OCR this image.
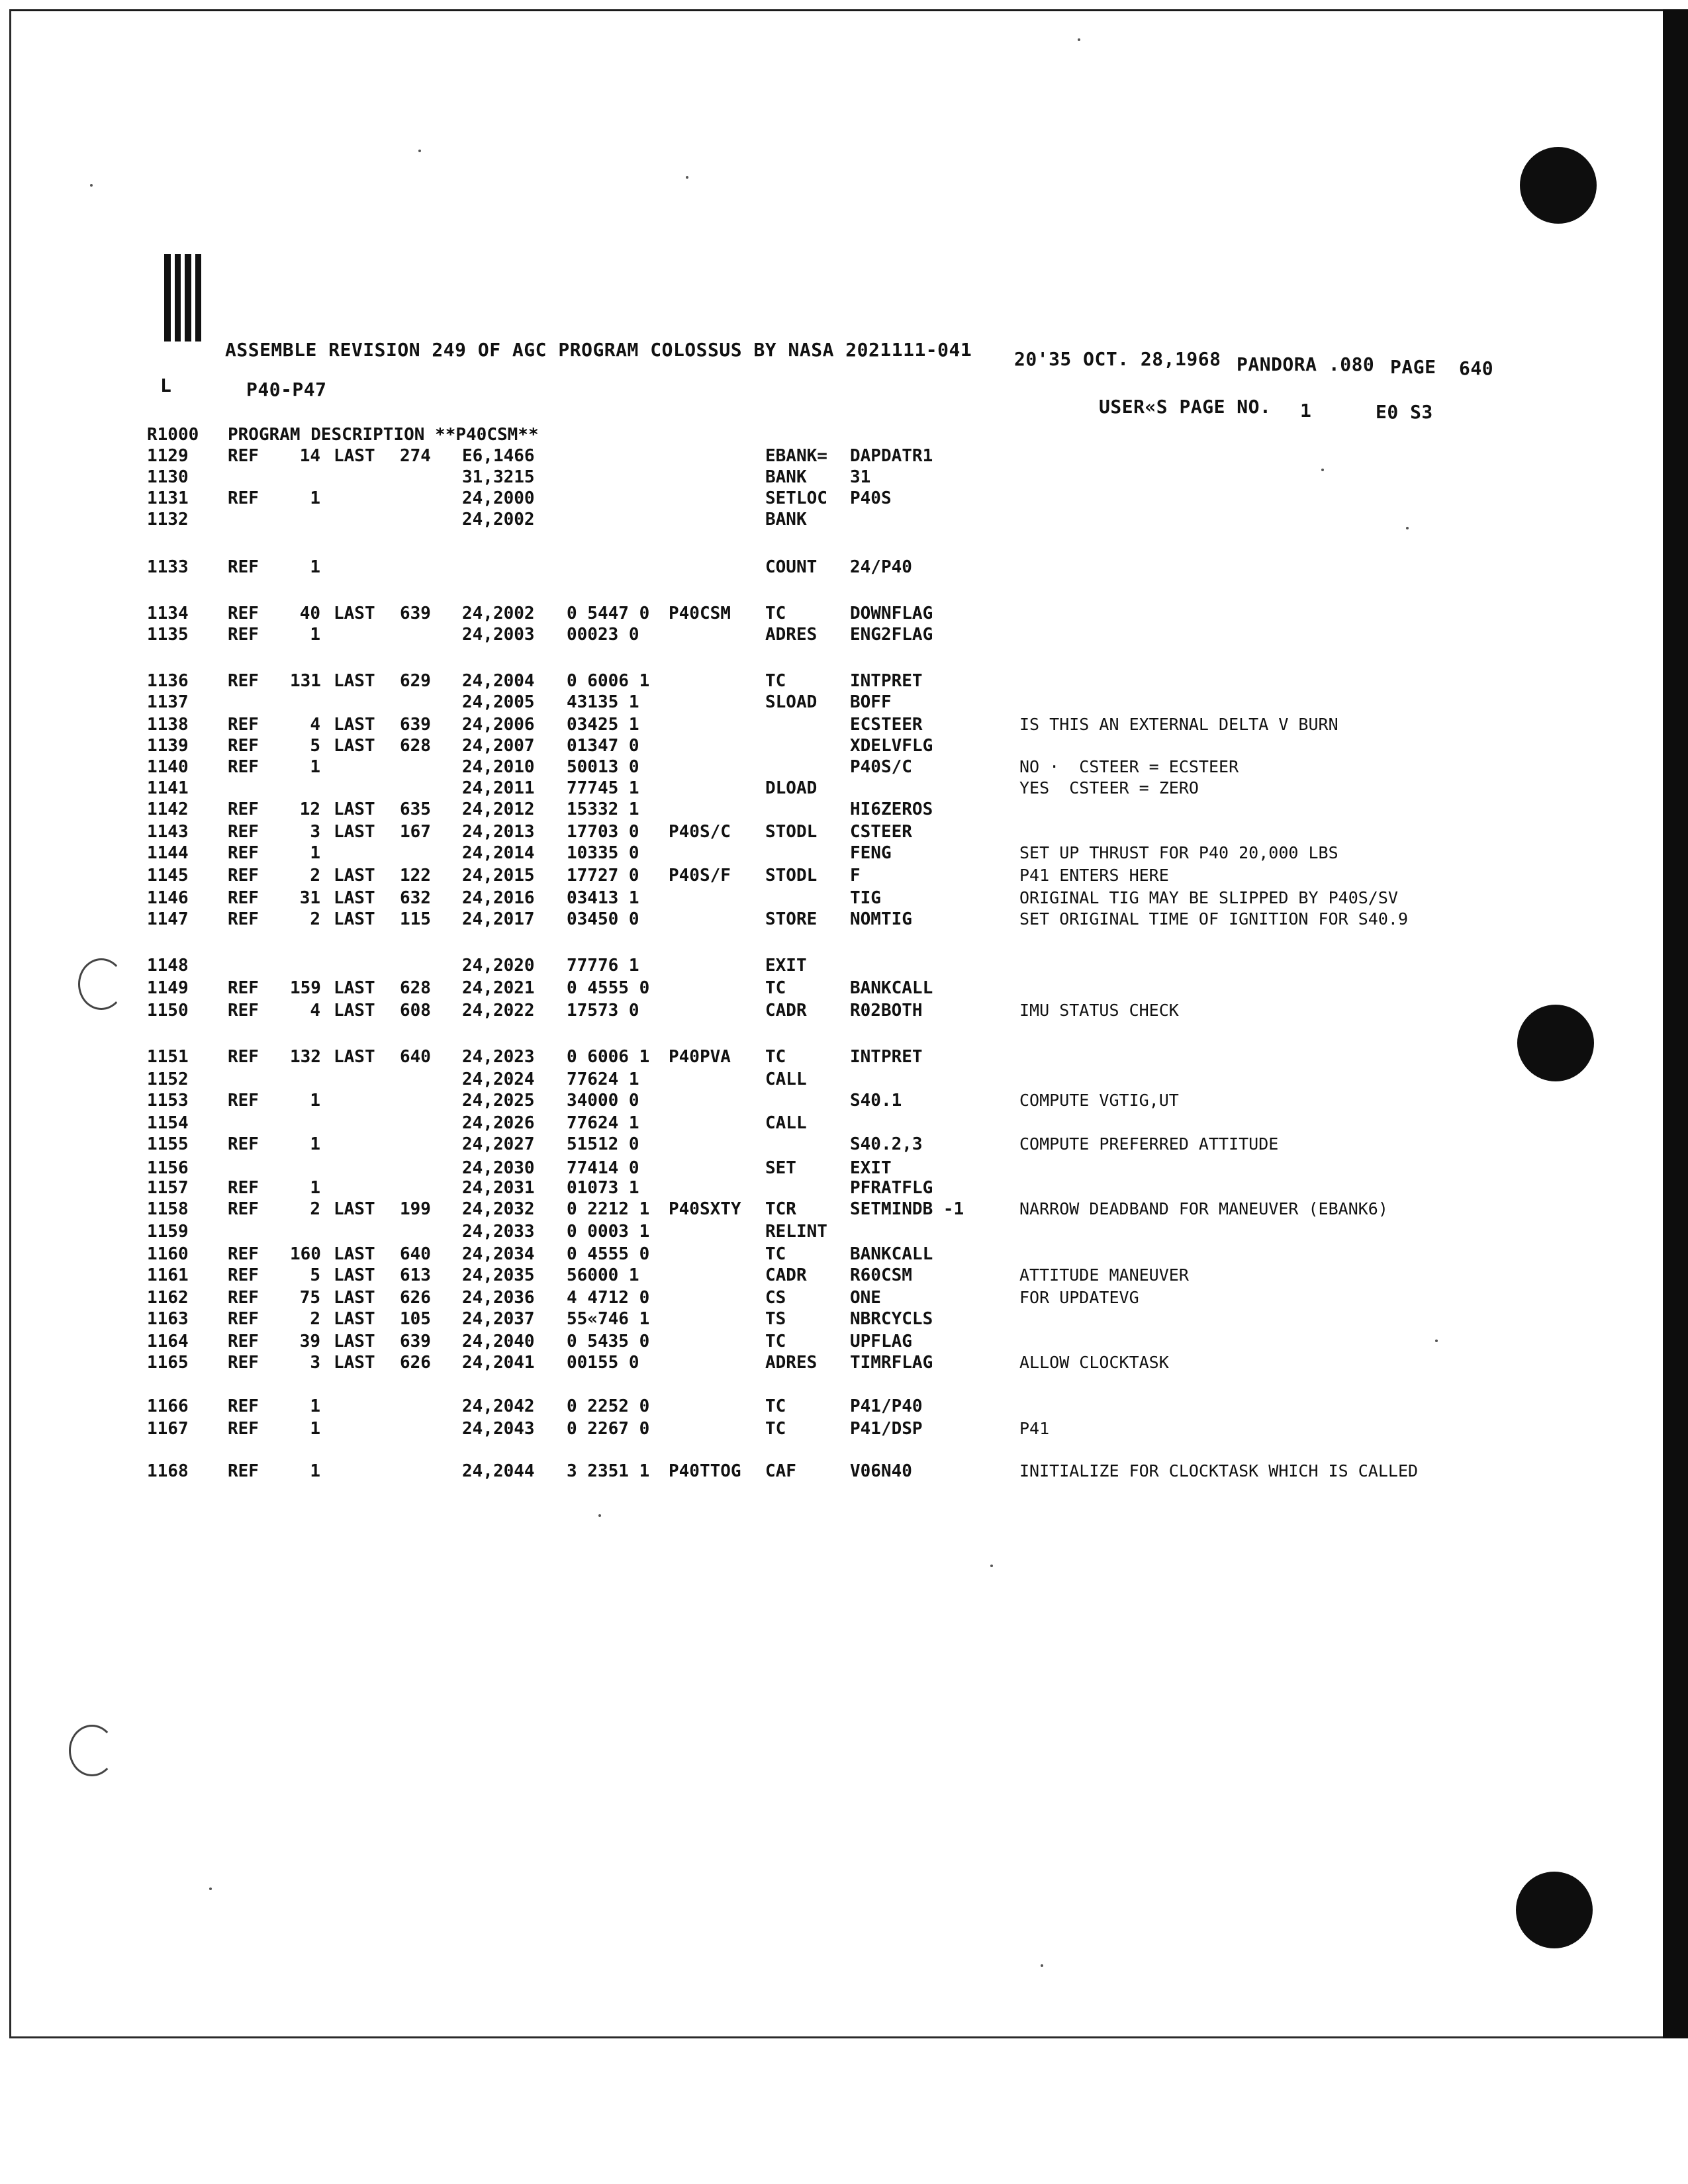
ASSEMBLE REVISION 249 OF AGC PROGRAM COLOSSUS BY NASA 2021111-041 20'35 OCT. 28,1968 PANDORA .080 PAGE 640
L	P40-P47
USER«S PAGE NO. 1	E0 S3
R1000	PROGRAM DESCRIPTION **P40CSM**
1129	REF	14 LAST 274 E6,1466	EBANK= DAPDATR1
1130	31,3215	BANK	31
1131	REF	1	24,2000	SETLOC P40S
1132	24,2002	BANK
1133	REF	1	COUNT 24/P40
1134	REF	40 LAST 639 24,2002 0 5447 0 P40CSM TC	DOWNFLAG
1135	REF	1	24,2003 00023 0	ADRES ENG2FLAG
1136	REF 131 LAST 629 24,2004 0 6006 1	TC	INTPRET
1137	24,2005 43135 1	SLOAD BOFF
1138	REF	4 LAST 639 24,2006 03425 1	ECSTEER	IS THIS AN EXTERNAL DELTA V BURN
1139	REF	5 LAST 628 24,2007 01347 0	XDELVFLG
1140	REF	1	24,2010 50013 0	P40S/C	NO ·  CSTEER = ECSTEER
1141	24,2011 77745 1	DLOAD	YES  CSTEER = ZERO
1142	REF	12 LAST 635 24,2012 15332 1	HI6ZEROS
1143	REF	3 LAST 167 24,2013 17703 0 P40S/C STODL CSTEER
1144	REF	1	24,2014 10335 0	FENG	SET UP THRUST FOR P40 20,000 LBS
1145	REF	2 LAST 122 24,2015 17727 0 P40S/F STODL F	P41 ENTERS HERE
1146	REF	31 LAST 632 24,2016 03413 1	TIG	ORIGINAL TIG MAY BE SLIPPED BY P40S/SV
1147	REF	2 LAST 115 24,2017 03450 0	STORE NOMTIG	SET ORIGINAL TIME OF IGNITION FOR S40.9
1148	24,2020 77776 1	EXIT
1149	REF 159 LAST 628 24,2021 0 4555 0	TC	BANKCALL
1150	REF	4 LAST 608 24,2022 17573 0	CADR	R02BOTH	IMU STATUS CHECK
1151	REF 132 LAST 640 24,2023 0 6006 1 P40PVA TC	INTPRET
1152	24,2024 77624 1	CALL
1153	REF	1	24,2025 34000 0	S40.1	COMPUTE VGTIG,UT
1154	24,2026 77624 1	CALL
1155	REF	1	24,2027 51512 0	S40.2,3	COMPUTE PREFERRED ATTITUDE
1156	24,2030 77414 0	SET	EXIT
1157	REF	1	24,2031 01073 1	PFRATFLG
1158	REF	2 LAST 199 24,2032 0 2212 1 P40SXTY TCR	SETMINDB -1	NARROW DEADBAND FOR MANEUVER (EBANK6)
1159	24,2033 0 0003 1	RELINT
1160	REF 160 LAST 640 24,2034 0 4555 0	TC	BANKCALL
1161	REF	5 LAST 613 24,2035 56000 1	CADR	R60CSM	ATTITUDE MANEUVER
1162	REF	75 LAST 626 24,2036 4 4712 0	CS	ONE	FOR UPDATEVG
1163	REF	2 LAST 105 24,2037 55«746 1	TS	NBRCYCLS
1164	REF	39 LAST 639 24,2040 0 5435 0	TC	UPFLAG
1165	REF	3 LAST 626 24,2041 00155 0	ADRES TIMRFLAG	ALLOW CLOCKTASK
1166	REF	1	24,2042 0 2252 0	TC	P41/P40
1167	REF	1	24,2043 0 2267 0	TC	P41/DSP	P41
1168	REF	1	24,2044 3 2351 1 P40TTOG CAF	V06N40	INITIALIZE FOR CLOCKTASK WHICH IS CALLED
